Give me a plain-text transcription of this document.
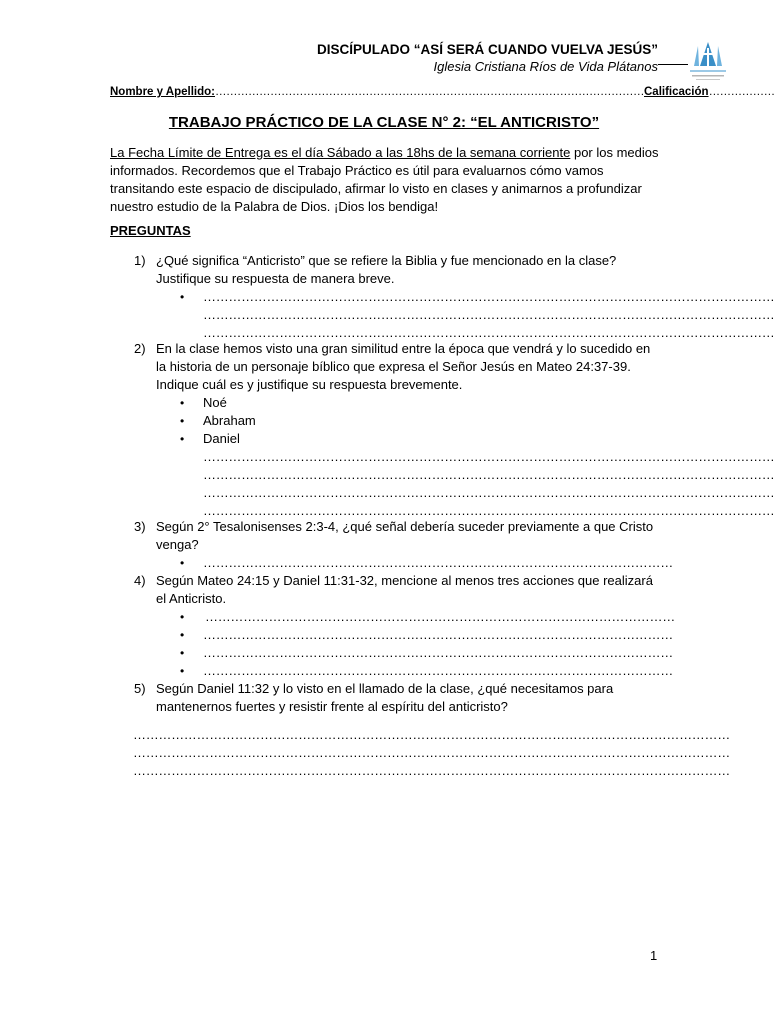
DISCÍPULADO “ASÍ SERÁ CUANDO VUELVA JESÚS”
Iglesia Cristiana Ríos de Vida Plátanos
Nombre y Apellido:………………………………………………………………………………………………………Calificación………………
TRABAJO PRÁCTICO DE LA CLASE N° 2: “EL ANTICRISTO”
La Fecha Límite de Entrega es el día Sábado a las 18hs de la semana corriente por los medios informados. Recordemos que el Trabajo Práctico es útil para evaluarnos cómo vamos transitando este espacio de discipulado, afirmar lo visto en clases y animarnos a profundizar nuestro estudio de la Palabra de Dios. ¡Dios los bendiga!
PREGUNTAS
1) ¿Qué significa “Anticristo” que se refiere la Biblia y fue mencionado en la clase? Justifique su respuesta de manera breve.
• ………………………………………………………………………………………………………………………
………………………………………………………………………………………………………………………
………………………………………………………………………………………………………………………
2) En la clase hemos visto una gran similitud entre la época que vendrá y lo sucedido en la historia de un personaje bíblico que expresa el Señor Jesús en Mateo 24:37-39. Indique cuál es y justifique su respuesta brevemente.
• Noé
• Abraham
• Daniel
………………………………………………………………………………………………………………………
………………………………………………………………………………………………………………………
………………………………………………………………………………………………………………………
………………………………………………………………………………………………………………………
3) Según 2° Tesalonisenses 2:3-4, ¿qué señal debería suceder previamente a que Cristo venga?
• …………………………………………………………………………………………………
4) Según Mateo 24:15 y Daniel 11:31-32, mencione al menos tres acciones que realizará el Anticristo.
• …………………………………………………………………………………………………
• …………………………………………………………………………………………………
• …………………………………………………………………………………………………
• …………………………………………………………………………………………………
5) Según Daniel 11:32 y lo visto en el llamado de la clase, ¿qué necesitamos para mantenernos fuertes y resistir frente al espíritu del anticristo?
……………………………………………………………………………………………………………………………
……………………………………………………………………………………………………………………………
……………………………………………………………………………………………………………………………
1
